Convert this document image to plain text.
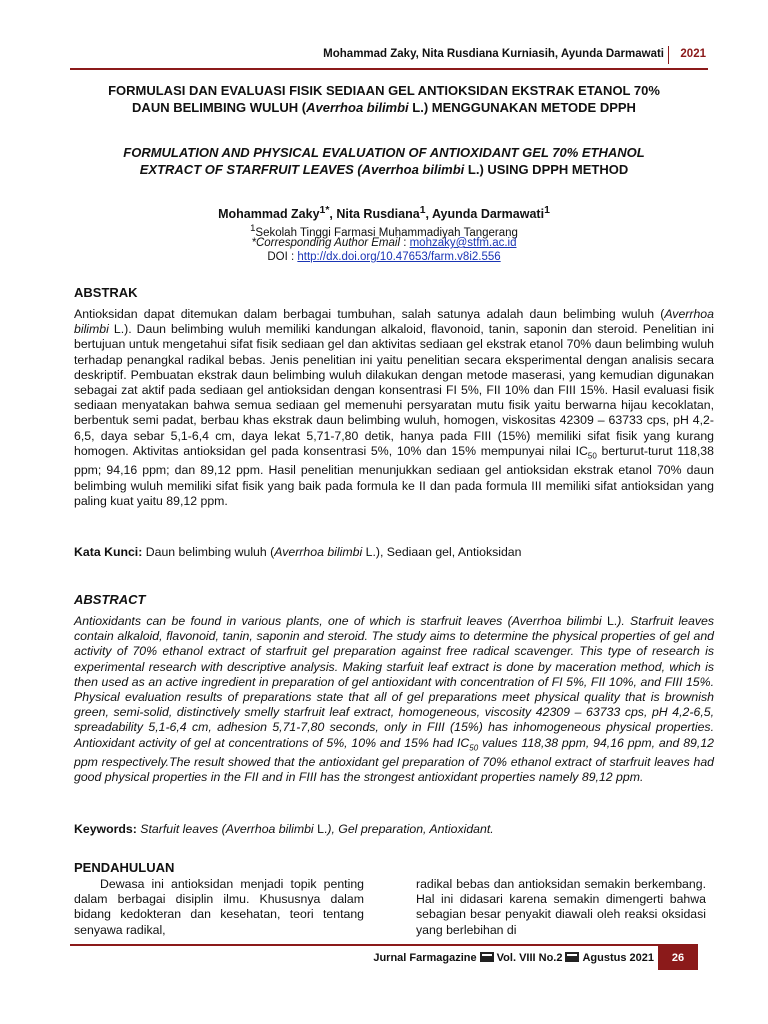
Mohammad Zaky, Nita Rusdiana Kurniasih, Ayunda Darmawati 2021
FORMULASI DAN EVALUASI FISIK SEDIAAN GEL ANTIOKSIDAN EKSTRAK ETANOL 70%
DAUN BELIMBING WULUH (Averrhoa bilimbi L.) MENGGUNAKAN METODE DPPH
FORMULATION AND PHYSICAL EVALUATION OF ANTIOXIDANT GEL 70% ETHANOL
EXTRACT OF STARFRUIT LEAVES (Averrhoa bilimbi L.) USING DPPH METHOD
Mohammad Zaky$^{1*}$, Nita Rusdiana$^1$, Ayunda Darmawati$^1$
$^1$Sekolah Tinggi Farmasi Muhammadiyah Tangerang
*Corresponding Author Email : mohzaky@stfm.ac.id
DOI : http://dx.doi.org/10.47653/farm.v8i2.556
ABSTRAK
Antioksidan dapat ditemukan dalam berbagai tumbuhan, salah satunya adalah daun belimbing wuluh (Averrhoa bilimbi L.). Daun belimbing wuluh memiliki kandungan alkaloid, flavonoid, tanin, saponin dan steroid. Penelitian ini bertujuan untuk mengetahui sifat fisik sediaan gel dan aktivitas sediaan gel ekstrak etanol 70% daun belimbing wuluh terhadap penangkal radikal bebas. Jenis penelitian ini yaitu penelitian secara eksperimental dengan analisis secara deskriptif. Pembuatan ekstrak daun belimbing wuluh dilakukan dengan metode maserasi, yang kemudian digunakan sebagai zat aktif pada sediaan gel antioksidan dengan konsentrasi FI 5%, FII 10% dan FIII 15%. Hasil evaluasi fisik sediaan menyatakan bahwa semua sediaan gel memenuhi persyaratan mutu fisik yaitu berwarna hijau kecoklatan, berbentuk semi padat, berbau khas ekstrak daun belimbing wuluh, homogen, viskositas 42309 – 63733 cps, pH 4,2-6,5, daya sebar 5,1-6,4 cm, daya lekat 5,71-7,80 detik, hanya pada FIII (15%) memiliki sifat fisik yang kurang homogen. Aktivitas antioksidan gel pada konsentrasi 5%, 10% dan 15% mempunyai nilai $IC_{50}$ berturut-turut 118,38 ppm; 94,16 ppm; dan 89,12 ppm. Hasil penelitian menunjukkan sediaan gel antioksidan ekstrak etanol 70% daun belimbing wuluh memiliki sifat fisik yang baik pada formula ke II dan pada formula III memiliki sifat antioksidan yang paling kuat yaitu 89,12 ppm.
Kata Kunci: Daun belimbing wuluh (Averrhoa bilimbi L.), Sediaan gel, Antioksidan
ABSTRACT
Antioxidants can be found in various plants, one of which is starfruit leaves (Averrhoa bilimbi L.). Starfruit leaves contain alkaloid, flavonoid, tanin, saponin and steroid. The study aims to determine the physical properties of gel and activity of 70% ethanol extract of starfruit gel preparation against free radical scavenger. This type of research is experimental research with descriptive analysis. Making starfuit leaf extract is done by maceration method, which is then used as an active ingredient in preparation of gel antioxidant with concentration of FI 5%, FII 10%, and FIII 15%. Physical evaluation results of preparations state that all of gel preparations meet physical quality that is brownish green, semi-solid, distinctively smelly starfruit leaf extract, homogeneous, viscosity 42309 – 63733 cps, pH 4,2-6,5, spreadability 5,1-6,4 cm, adhesion 5,71-7,80 seconds, only in FIII (15%) has inhomogeneous physical properties. Antioxidant activity of gel at concentrations of 5%, 10% and 15% had $IC_{50}$ values 118,38 ppm, 94,16 ppm, and 89,12 ppm respectively.The result showed that the antioxidant gel preparation of 70% ethanol extract of starfruit leaves had good physical properties in the FII and in FIII has the strongest antioxidant properties namely 89,12 ppm.
Keywords: Starfuit leaves (Averrhoa bilimbi L.), Gel preparation, Antioxidant.
PENDAHULUAN
Dewasa ini antioksidan menjadi topik penting dalam berbagai disiplin ilmu. Khususnya dalam bidang kedokteran dan kesehatan, teori tentang senyawa radikal,
radikal bebas dan antioksidan semakin berkembang. Hal ini didasari karena semakin dimengerti bahwa sebagian besar penyakit diawali oleh reaksi oksidasi yang berlebihan di
Jurnal Farmagazine Vol. VIII No.2 Agustus 2021	26
